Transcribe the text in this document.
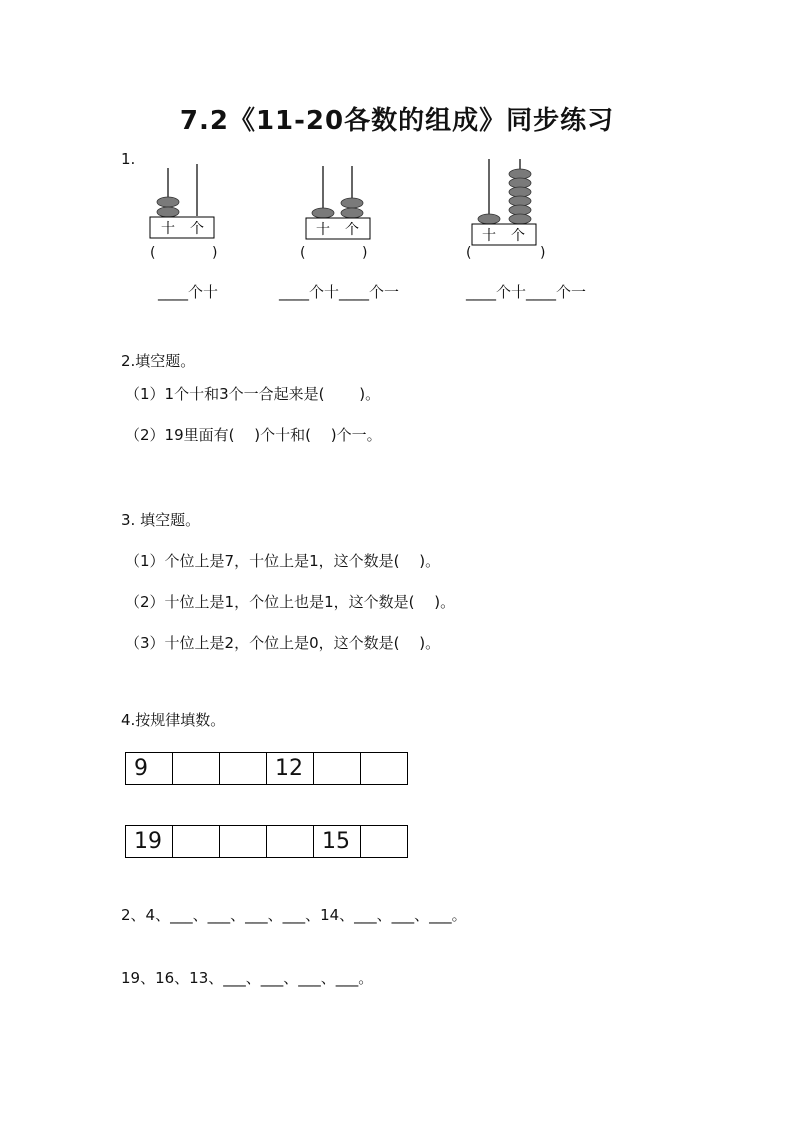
7.2《11-20各数的组成》同步练习
1.
十 个
(	)
____个十
十 个
(	)
____个十____个一
十 个
(	)
____个十____个一
2.填空题。
（1）1个十和3个一合起来是(　　 )。
（2）19里面有(　 )个十和(　 )个一。
3. 填空题。
（1）个位上是7，十位上是1，这个数是(　 )。
（2）十位上是1，个位上也是1，这个数是(　 )。
（3）十位上是2，个位上是0，这个数是(　 )。
4.按规律填数。
9			12		
19				15	
2、4、___、___、___、___、14、___、___、___。
19、16、13、___、___、___、___。
